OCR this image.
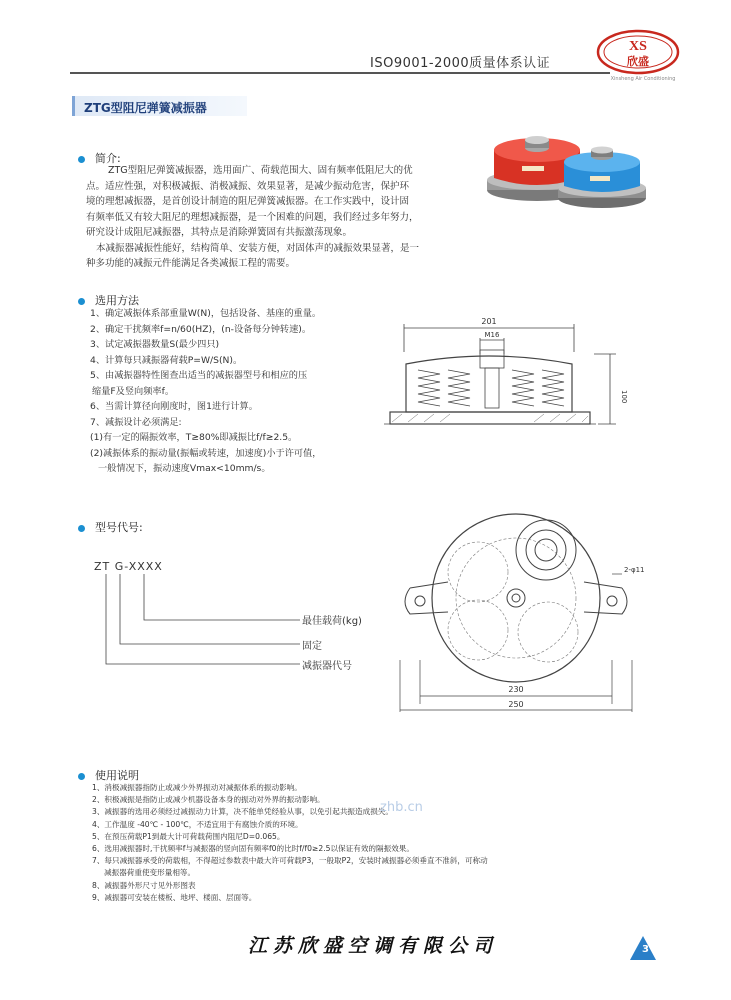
ISO9001-2000质量体系认证
XS
欣盛
Xinsheng Air Conditioning
ZTG型阻尼弹簧减振器
简介:
ZTG型阻尼弹簧减振器，选用面广、荷载范围大、固有频率低阻尼大的优
点。适应性强，对积极减振、消极减振、效果显著，是减少振动危害，保护环
境的理想减振器，是首创设计制造的阻尼弹簧减振器。在工作实践中，设计固
有频率低又有较大阻尼的理想减振器，是一个困难的问题，我们经过多年努力，
研究设计成阻尼减振器，其特点是消除弹簧固有共振激荡现象。
本减振器减振性能好，结构简单、安装方便，对固体声的减振效果显著，是一
种多功能的减振元件能满足各类减振工程的需要。
选用方法
1、确定减振体系部重量W(N)，包括设备、基座的重量。
2、确定干扰频率f=n/60(HZ)，(n-设备每分钟转速)。
3、试定减振器数量S(最少四只)
4、计算每只减振器荷载P=W/S(N)。
5、由减振器特性图查出适当的减振器型号和相应的压
缩量F及竖向频率f。
6、当需计算径向刚度时，图1进行计算。
7、减振设计必须满足:
(1)有一定的隔振效率，T≥80%即减振比f/f≥2.5。
(2)减振体系的振动量(振幅或转速，加速度)小于许可值，
一般情况下，振动速度Vmax<10mm/s。
201
M16
100
型号代号:
ZT G-XXXX
最佳载荷(kg)
固定
减振器代号
2-φ11
230
250
使用说明
1、消极减振器指防止或减少外界振动对减振体系的振动影响。
2、积极减振是指防止或减少机器设备本身的振动对外界的振动影响。
3、减振器的选用必须经过减振动力计算，决不能单凭经验从事，以免引起共振造成损失。
4、工作温度 -40℃ - 100℃，不适宜用于有腐蚀介质的环境。
5、在预压荷载P1到最大计可荷载荷围内阻尼D=0.065。
6、选用减振器时,干扰频率f与减振器的竖向固有频率f0的比时f/f0≥2.5以保证有效的隔振效果。
7、每只减振器承受的荷载相，不得超过参数表中最大许可荷载P3，一般取P2，安装时减振器必须垂直不准斜，可称动
减振器荷重使变形量相等。
8、减振器外形尺寸见外形图表
9、减振器可安装在楼板、地坪、楼面、层面等。
zhb.cn
江苏欣盛空调有限公司	3
